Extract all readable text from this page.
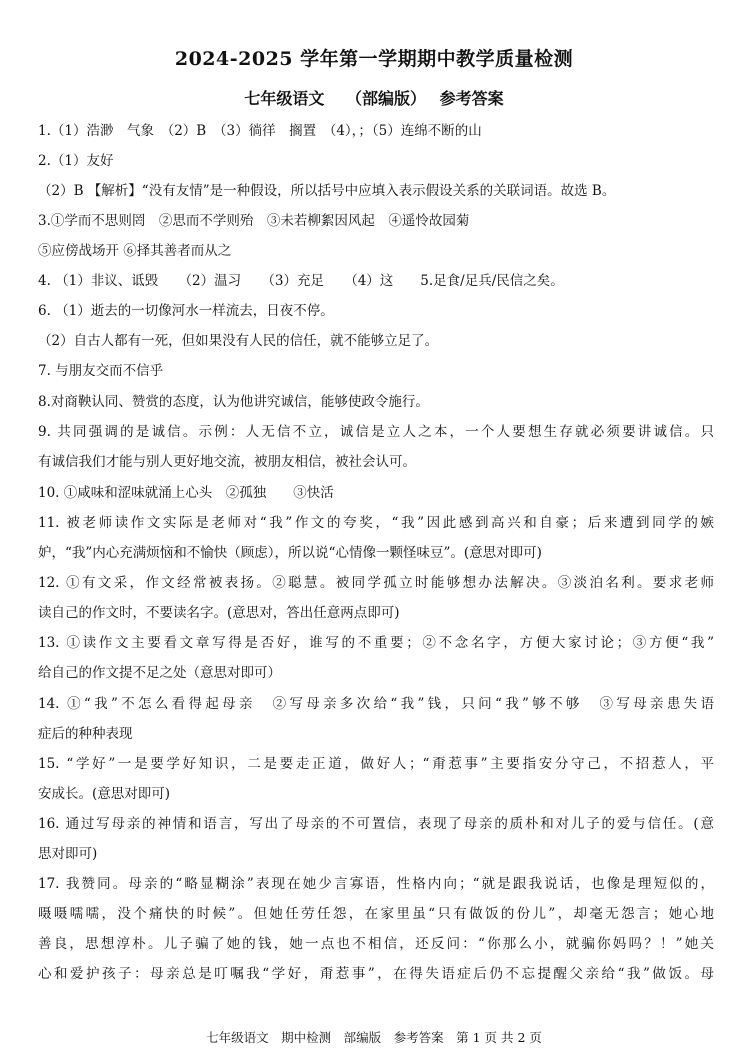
2024-2025 学年第一学期期中教学质量检测
七年级语文　 （部编版）　 参考答案
1.（1）浩渺　气象　（2）B　（3）徜徉　搁置　（4），；（5）连绵不断的山
2.（1）友好
（2）B 【解析】“没有友情”是一种假设，所以括号中应填入表示假设关系的关联词语。故选 B。
3.①学而不思则罔　②思而不学则殆　③未若柳絮因风起　④遥怜故园菊
⑤应傍战场开 ⑥择其善者而从之
4. （1）非议、诋毁　　（2）温习　　（3）充足　　（4）这　　5.足食/足兵/民信之矣。
6. （1）逝去的一切像河水一样流去，日夜不停。
（2）自古人都有一死，但如果没有人民的信任，就不能够立足了。
7. 与朋友交而不信乎
8.对商鞅认同、赞赏的态度，认为他讲究诚信，能够使政令施行。
9. 共同强调的是诚信。示例：人无信不立，诚信是立人之本，一个人要想生存就必须要讲诚信。只
有诚信我们才能与别人更好地交流，被朋友相信，被社会认可。
10. ①咸味和涩味就涌上心头　②孤独　　③快活
11. 被老师读作文实际是老师对“我”作文的夸奖，“我”因此感到高兴和自豪；后来遭到同学的嫉
妒，“我”内心充满烦恼和不愉快（顾虑），所以说“心情像一颗怪味豆”。(意思对即可)
12. ①有文采，作文经常被表扬。②聪慧。被同学孤立时能够想办法解决。③淡泊名利。要求老师
读自己的作文时，不要读名字。(意思对，答出任意两点即可)
13. ①读作文主要看文章写得是否好，谁写的不重要；②不念名字，方便大家讨论；③方便“我”
给自己的作文提不足之处（意思对即可）
14. ①“我”不怎么看得起母亲　②写母亲多次给“我”钱，只问“我”够不够　③写母亲患失语
症后的种种表现
15. “学好”一是要学好知识，二是要走正道，做好人；“甭惹事”主要指安分守己，不招惹人，平
安成长。(意思对即可)
16. 通过写母亲的神情和语言，写出了母亲的不可置信，表现了母亲的质朴和对儿子的爱与信任。(意
思对即可)
17. 我赞同。母亲的“略显糊涂”表现在她少言寡语，性格内向；“就是跟我说话，也像是理短似的，
嗫嗫嚅嚅，没个痛快的时候”。但她任劳任怨，在家里虽“只有做饭的份儿”，却毫无怨言；她心地
善良，思想淳朴。儿子骗了她的钱，她一点也不相信，还反问：“你那么小，就骗你妈吗？！”她关
心和爱护孩子：母亲总是叮嘱我“学好，甭惹事”，在得失语症后仍不忘提醒父亲给“我”做饭。母
七年级语文　期中检测　部编版　参考答案　第 1 页 共 2 页
